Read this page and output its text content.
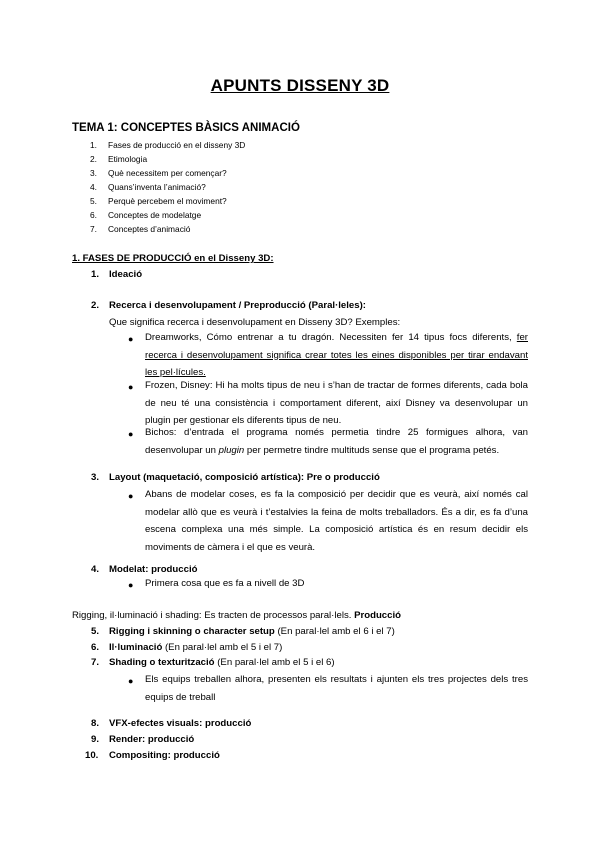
APUNTS DISSENY 3D
TEMA 1: CONCEPTES BÀSICS ANIMACIÓ
1. Fases de producció en el disseny 3D
2. Etimologia
3. Què necessitem per començar?
4. Quans’inventa l’animació?
5. Perquè percebem el moviment?
6. Conceptes de modelatge
7. Conceptes d’animació
1. FASES DE PRODUCCIÓ en el Disseny 3D:
1.	Ideació
2.	Recerca i desenvolupament / Preproducció (Paral·leles):
Que significa recerca i desenvolupament en Disseny 3D? Exemples:
● Dreamworks, Cómo entrenar a tu dragón. Necessiten fer 14 tipus focs diferents, fer recerca i desenvolupament significa crear totes les eines disponibles per tirar endavant les pel·lícules.
● Frozen, Disney: Hi ha molts tipus de neu i s’han de tractar de formes diferents, cada bola de neu té una consistència i comportament diferent, així Disney va desenvolupar un plugin per gestionar els diferents tipus de neu.
● Bichos: d’entrada el programa només permetia tindre 25 formigues alhora, van desenvolupar un plugin per permetre tindre multituds sense que el programa petés.
3.	Layout (maquetació, composició artística): Pre o producció
● Abans de modelar coses, es fa la composició per decidir que es veurà, així només cal modelar allò que es veurà i t’estalvies la feina de molts treballadors. És a dir, es fa d’una escena complexa una més simple. La composició artística és en resum decidir els moviments de càmera i el que es veurà.
4.	Modelat: producció
● Primera cosa que es fa a nivell de 3D
Rigging, il·luminació i shading: Es tracten de processos paral·lels. Producció
5.	Rigging i skinning o character setup (En paral·lel amb el 6 i el 7)
6.	Il·luminació (En paral·lel amb el 5 i el 7)
7.	Shading o texturització (En paral·lel amb el 5 i el 6)
● Els equips treballen alhora, presenten els resultats i ajunten els tres projectes dels tres equips de treball
8.	VFX-efectes visuals: producció
9.	Render: producció
10. Compositing: producció
